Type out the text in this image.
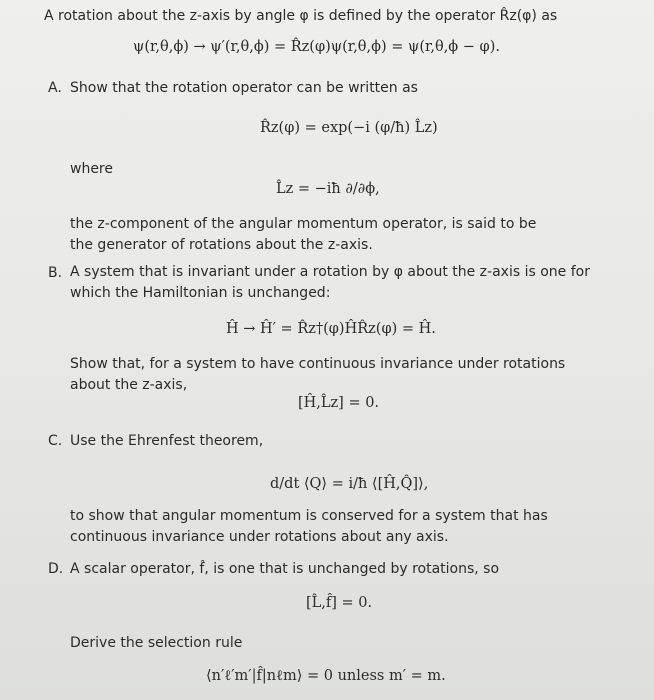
A rotation about the z-axis by angle φ is defined by the operator R̂z(φ) as
ψ(r,θ,ϕ) → ψ′(r,θ,ϕ) = R̂z(φ)ψ(r,θ,ϕ) = ψ(r,θ,ϕ − φ).
A. Show that the rotation operator can be written as
R̂z(φ) = exp(−i (φ/ħ) L̂z)
where
L̂z = −iħ ∂/∂ϕ,
the z-component of the angular momentum operator, is said to be
the generator of rotations about the z-axis.
B. A system that is invariant under a rotation by φ about the z-axis is one for
which the Hamiltonian is unchanged:
Ĥ → Ĥ′ = R̂z†(φ)ĤR̂z(φ) = Ĥ.
Show that, for a system to have continuous invariance under rotations
about the z-axis,
[Ĥ,L̂z] = 0.
C. Use the Ehrenfest theorem,
d/dt ⟨Q⟩ = i/ħ ⟨[Ĥ,Q̂]⟩,
to show that angular momentum is conserved for a system that has
continuous invariance under rotations about any axis.
D. A scalar operator, f̂, is one that is unchanged by rotations, so
[L̂,f̂] = 0.
Derive the selection rule
⟨n′ℓ′m′|f̂|nℓm⟩ = 0 unless m′ = m.
